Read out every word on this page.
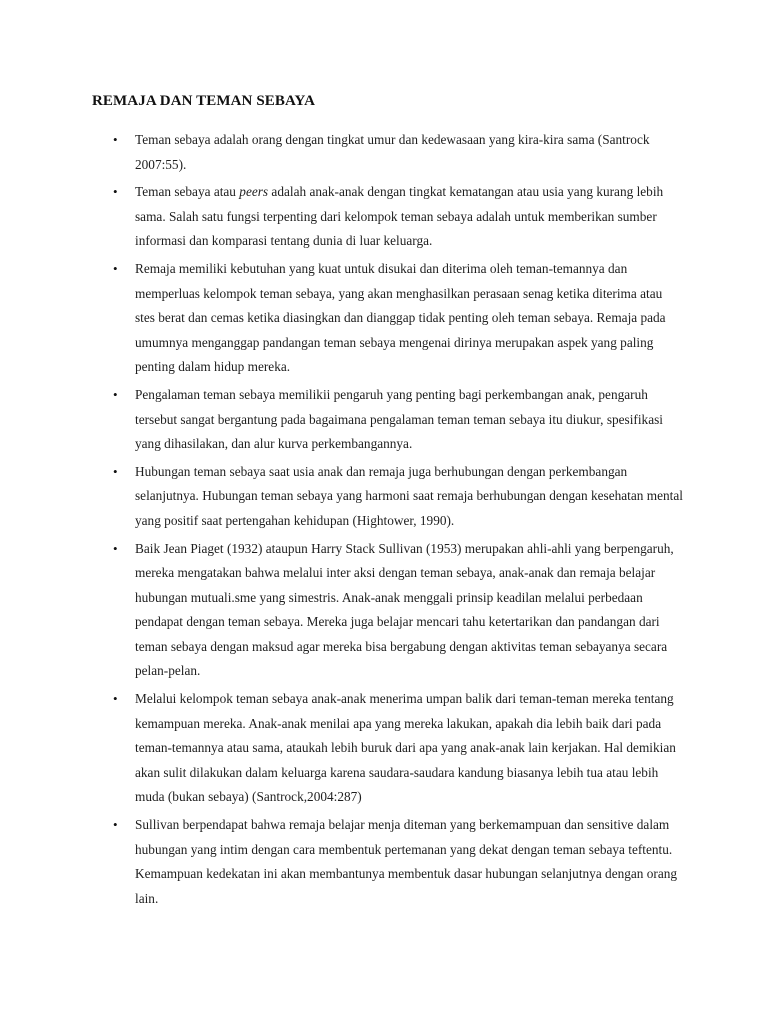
REMAJA DAN TEMAN SEBAYA
• Teman sebaya adalah orang dengan tingkat umur dan kedewasaan yang kira-kira sama (Santrock 2007:55).
• Teman sebaya atau peers adalah anak-anak dengan tingkat kematangan atau usia yang kurang lebih sama. Salah satu fungsi terpenting dari kelompok teman sebaya adalah untuk memberikan sumber informasi dan komparasi tentang dunia di luar keluarga.
• Remaja memiliki kebutuhan yang kuat untuk disukai dan diterima oleh teman-temannya dan memperluas kelompok teman sebaya, yang akan menghasilkan perasaan senag ketika diterima atau stes berat dan cemas ketika diasingkan dan dianggap tidak penting oleh teman sebaya. Remaja pada umumnya menganggap pandangan teman sebaya mengenai dirinya merupakan aspek yang paling penting dalam hidup mereka.
• Pengalaman teman sebaya memilikii pengaruh yang penting bagi perkembangan anak, pengaruh tersebut sangat bergantung pada bagaimana pengalaman teman teman sebaya itu diukur, spesifikasi yang dihasilakan, dan alur kurva perkembangannya.
• Hubungan teman sebaya saat usia anak dan remaja juga berhubungan dengan perkembangan selanjutnya. Hubungan teman sebaya yang harmoni saat remaja berhubungan dengan kesehatan mental yang positif saat pertengahan kehidupan (Hightower, 1990).
• Baik Jean Piaget (1932) ataupun Harry Stack Sullivan (1953) merupakan ahli-ahli yang berpengaruh, mereka mengatakan bahwa melalui inter aksi dengan teman sebaya, anak-anak dan remaja belajar hubungan mutuali.sme yang simestris. Anak-anak menggali prinsip keadilan melalui perbedaan pendapat dengan teman sebaya. Mereka juga belajar mencari tahu ketertarikan dan pandangan dari teman sebaya dengan maksud agar mereka bisa bergabung dengan aktivitas teman sebayanya secara pelan-pelan.
• Melalui kelompok teman sebaya anak-anak menerima umpan balik dari teman-teman mereka tentang kemampuan mereka. Anak-anak menilai apa yang mereka lakukan, apakah dia lebih baik dari pada teman-temannya atau sama, ataukah lebih buruk dari apa yang anak-anak lain kerjakan. Hal demikian akan sulit dilakukan dalam keluarga karena saudara-saudara kandung biasanya lebih tua atau lebih muda (bukan sebaya) (Santrock,2004:287)
• Sullivan berpendapat bahwa remaja belajar menja diteman yang berkemampuan dan sensitive dalam hubungan yang intim dengan cara membentuk pertemanan yang dekat dengan teman sebaya teftentu. Kemampuan kedekatan ini akan membantunya membentuk dasar hubungan selanjutnya dengan orang lain.
